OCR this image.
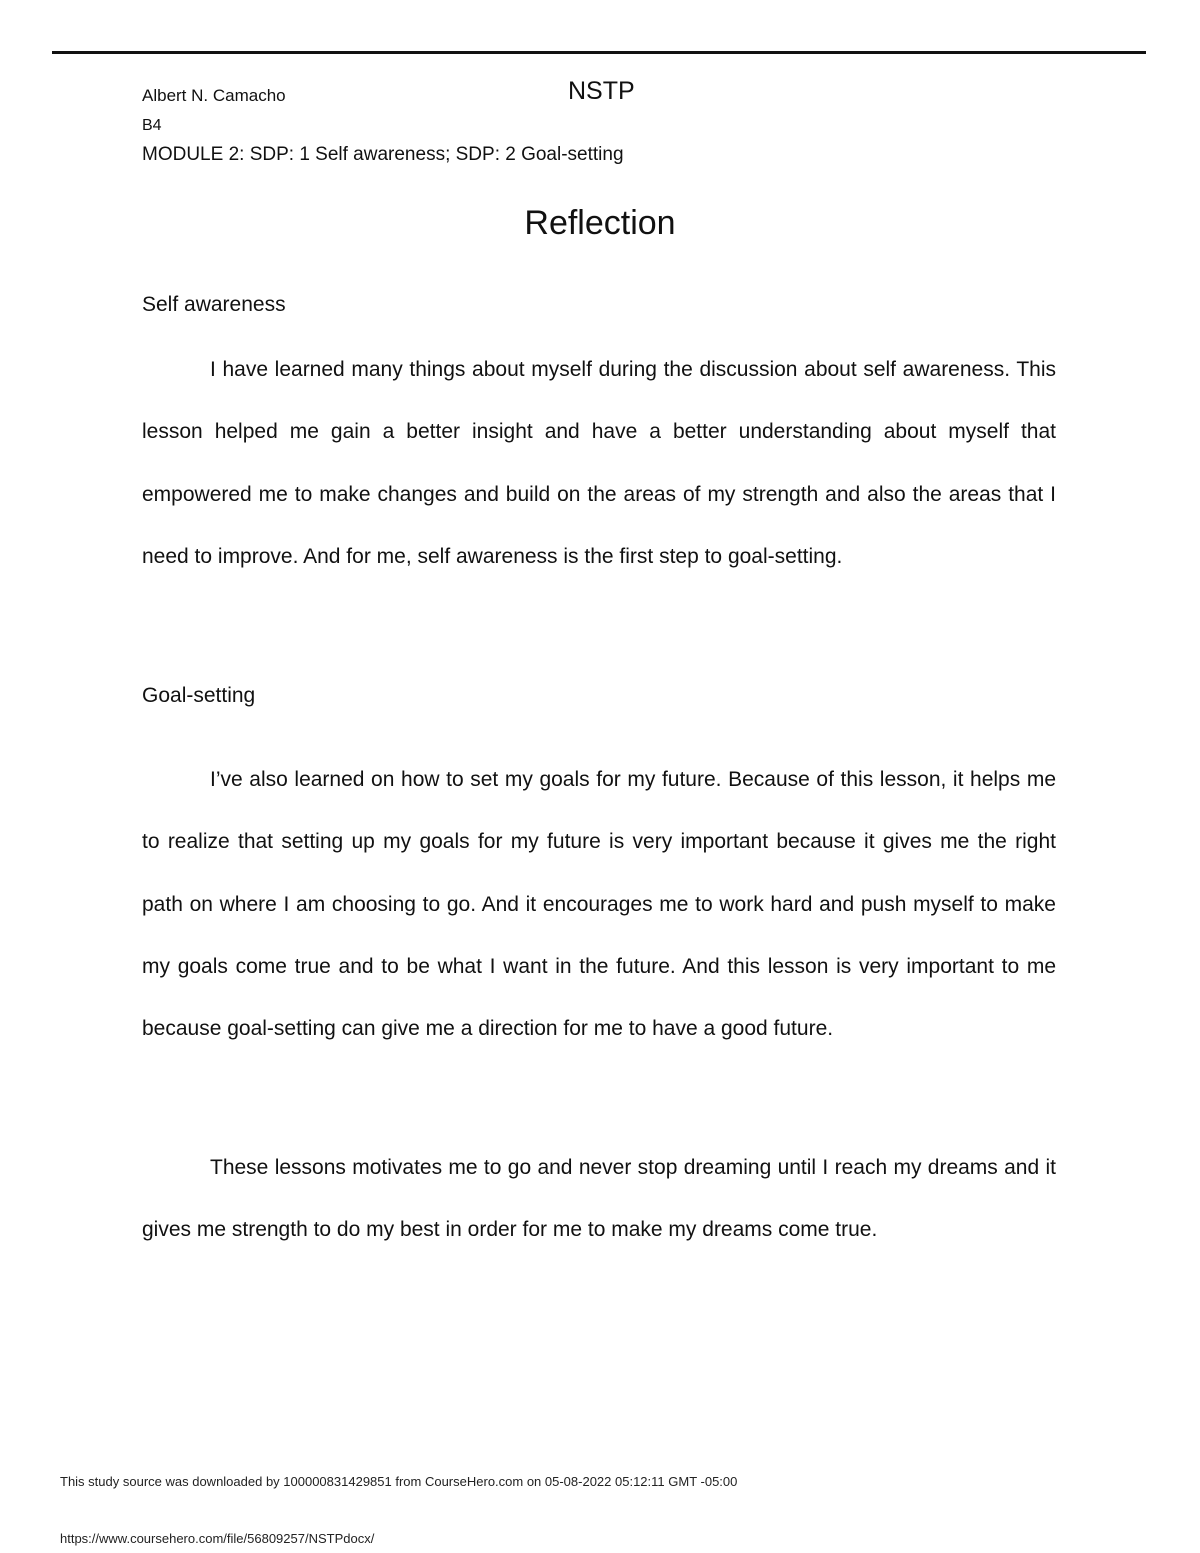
Albert N. Camacho	NSTP
B4
MODULE 2: SDP: 1 Self awareness; SDP: 2 Goal-setting
Reflection
Self awareness

I have learned many things about myself during the discussion about self awareness. This lesson helped me gain a better insight and have a better understanding about myself that empowered me to make changes and build on the areas of my strength and also the areas that I need to improve. And for me, self awareness is the first step to goal-setting.

Goal-setting

I’ve also learned on how to set my goals for my future. Because of this lesson, it helps me to realize that setting up my goals for my future is very important because it gives me the right path on where I am choosing to go. And it encourages me to work hard and push myself to make my goals come true and to be what I want in the future. And this lesson is very important to me because goal-setting can give me a direction for me to have a good future.

These lessons motivates me to go and never stop dreaming until I reach my dreams and it gives me strength to do my best in order for me to make my dreams come true.

This study source was downloaded by 100000831429851 from CourseHero.com on 05-08-2022 05:12:11 GMT -05:00
https://www.coursehero.com/file/56809257/NSTPdocx/
